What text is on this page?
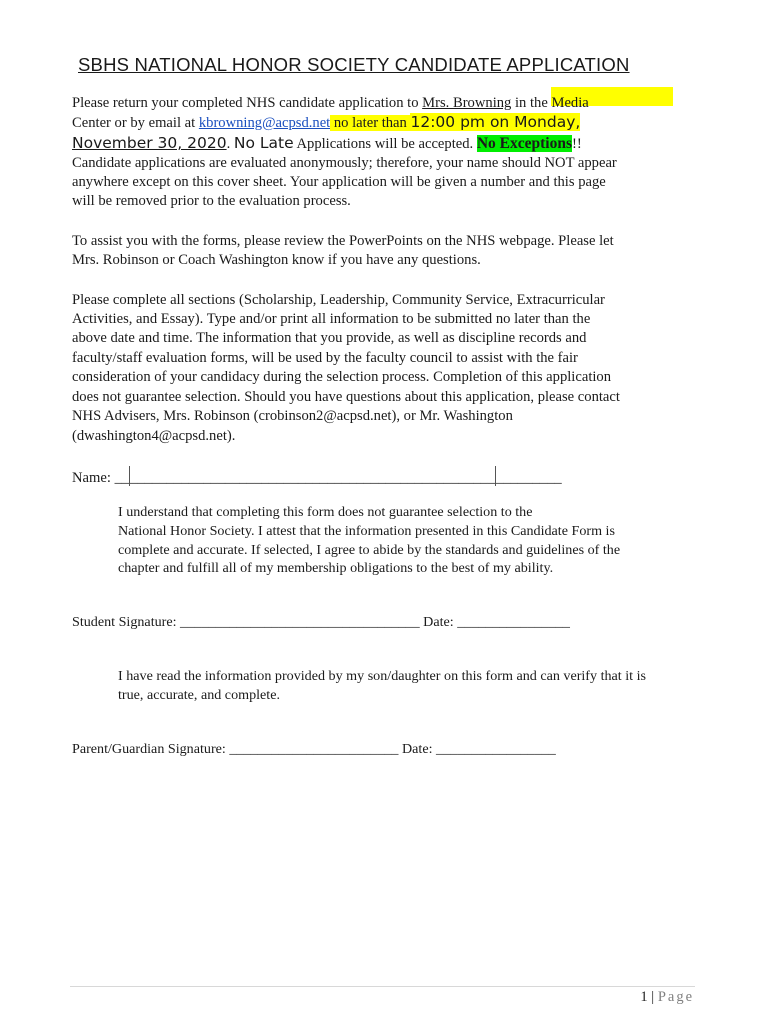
SBHS NATIONAL HONOR SOCIETY CANDIDATE APPLICATION
Please return your completed NHS candidate application to Mrs. Browning in the Media
Center or by email at kbrowning@acpsd.net no later than 12:00 pm on Monday,
November 30, 2020. No Late Applications will be accepted. No Exceptions!!
Candidate applications are evaluated anonymously; therefore, your name should NOT appear
anywhere except on this cover sheet. Your application will be given a number and this page
will be removed prior to the evaluation process.
To assist you with the forms, please review the PowerPoints on the NHS webpage. Please let
Mrs. Robinson or Coach Washington know if you have any questions.
Please complete all sections (Scholarship, Leadership, Community Service, Extracurricular
Activities, and Essay). Type and/or print all information to be submitted no later than the
above date and time. The information that you provide, as well as discipline records and
faculty/staff evaluation forms, will be used by the faculty council to assist with the fair
consideration of your candidacy during the selection process. Completion of this application
does not guarantee selection. Should you have questions about this application, please contact
NHS Advisers, Mrs. Robinson (crobinson2@acpsd.net), or Mr. Washington
(dwashington4@acpsd.net).
Name: _____________________________________________________________
I understand that completing this form does not guarantee selection to the
National Honor Society. I attest that the information presented in this Candidate Form is
complete and accurate. If selected, I agree to abide by the standards and guidelines of the
chapter and fulfill all of my membership obligations to the best of my ability.
Student Signature: __________________________________ Date: ________________
I have read the information provided by my son/daughter on this form and can verify that it is
true, accurate, and complete.
Parent/Guardian Signature: ________________________ Date: _________________
1 | Page
